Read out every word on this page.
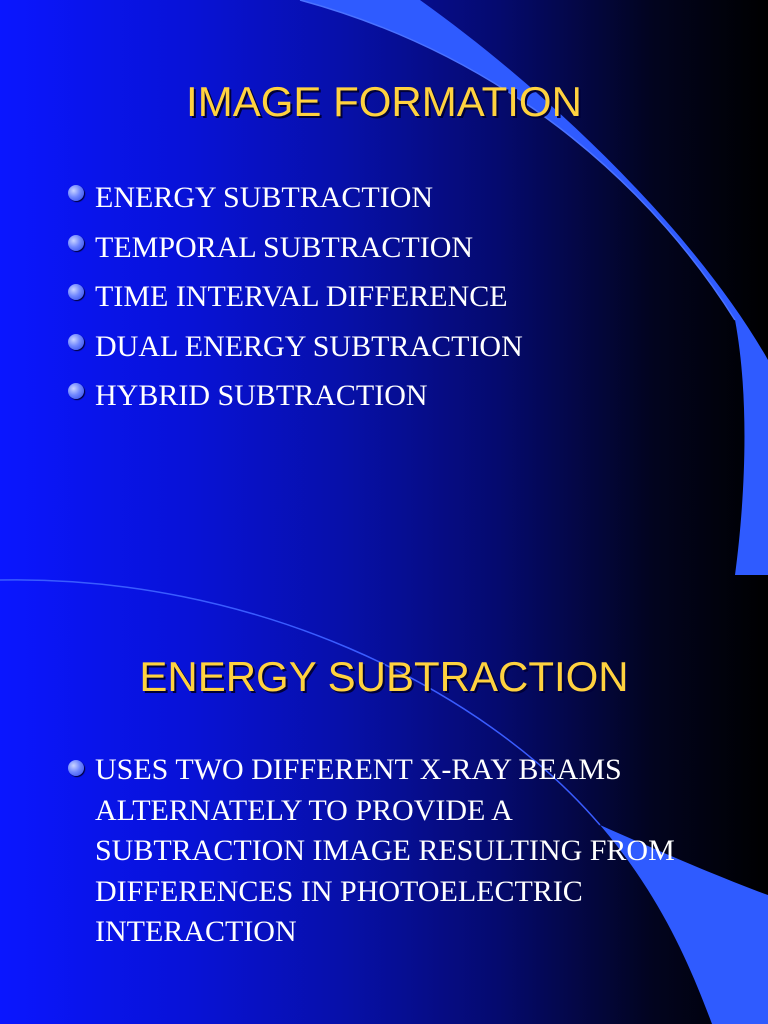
IMAGE FORMATION
ENERGY SUBTRACTION
TEMPORAL SUBTRACTION
TIME INTERVAL DIFFERENCE
DUAL ENERGY SUBTRACTION
HYBRID SUBTRACTION
ENERGY SUBTRACTION
USES TWO DIFFERENT X-RAY BEAMS ALTERNATELY TO PROVIDE A SUBTRACTION IMAGE RESULTING FROM DIFFERENCES IN PHOTOELECTRIC INTERACTION
